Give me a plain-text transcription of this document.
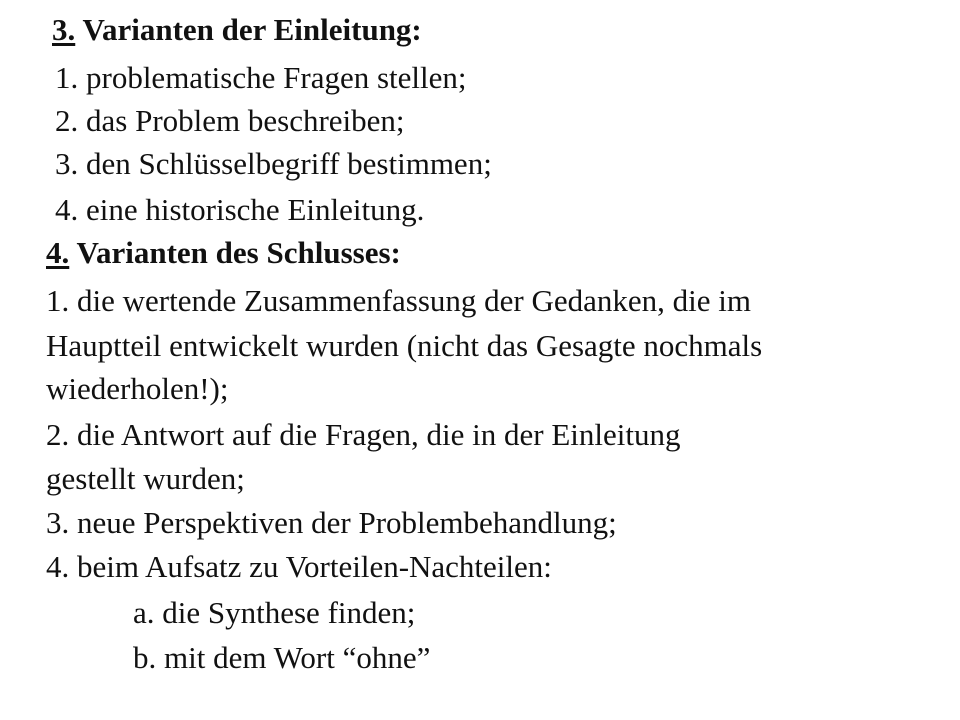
3. Varianten der Einleitung:
1. problematische Fragen stellen;
2. das Problem beschreiben;
3. den Schlüsselbegriff bestimmen;
4. eine historische Einleitung.
4. Varianten des Schlusses:
1. die wertende Zusammenfassung der Gedanken, die im
Hauptteil entwickelt wurden (nicht das Gesagte nochmals
wiederholen!);
2. die Antwort auf die Fragen, die in der Einleitung
gestellt wurden;
3. neue Perspektiven der Problembehandlung;
4. beim Aufsatz zu Vorteilen-Nachteilen:
a. die Synthese finden;
b. mit dem Wort “ohne”
